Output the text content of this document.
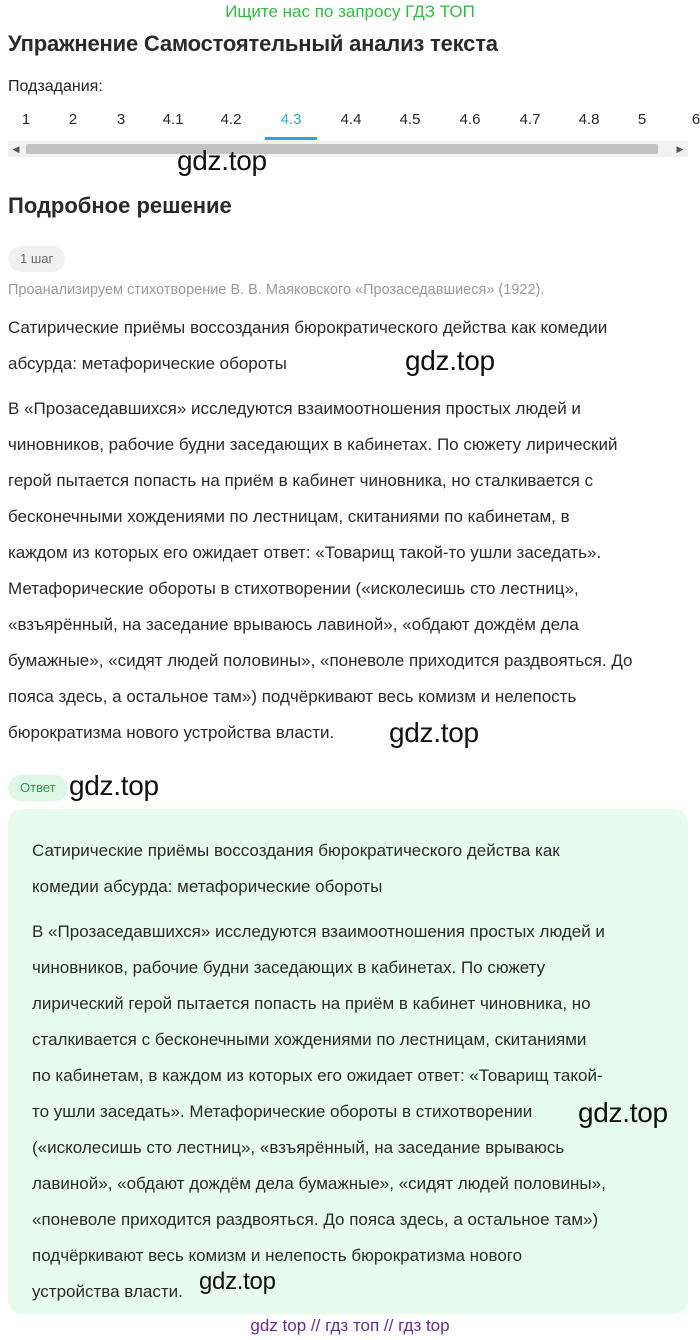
Ищите нас по запросу ГДЗ ТОП
Упражнение Самостоятельный анализ текста
Подзадания:
1	2	3	4.1	4.2	4.3	4.4	4.5	4.6	4.7	4.8	5	6
◀	▶
gdz.top
Подробное решение
1 шаг
Проанализируем стихотворение В. В. Маяковского «Прозаседавшиеся» (1922).
Сатирические приёмы воссоздания бюрократического действа как комедии
абсурда: метафорические обороты	gdz.top
В «Прозаседавшихся» исследуются взаимоотношения простых людей и
чиновников, рабочие будни заседающих в кабинетах. По сюжету лирический
герой пытается попасть на приём в кабинет чиновника, но сталкивается с
бесконечными хождениями по лестницам, скитаниями по кабинетам, в
каждом из которых его ожидает ответ: «Товарищ такой-то ушли заседать».
Метафорические обороты в стихотворении («исколесишь сто лестниц»,
«взъярённый, на заседание врываюсь лавиной», «обдают дождём дела
бумажные», «сидят людей половины», «поневоле приходится раздвояться. До
пояса здесь, а остальное там») подчёркивают весь комизм и нелепость
бюрократизма нового устройства власти.	gdz.top
Ответ gdz.top
Сатирические приёмы воссоздания бюрократического действа как
комедии абсурда: метафорические обороты
В «Прозаседавшихся» исследуются взаимоотношения простых людей и
чиновников, рабочие будни заседающих в кабинетах. По сюжету
лирический герой пытается попасть на приём в кабинет чиновника, но
сталкивается с бесконечными хождениями по лестницам, скитаниями
по кабинетам, в каждом из которых его ожидает ответ: «Товарищ такой-
то ушли заседать». Метафорические обороты в стихотворении
(«исколесишь сто лестниц», «взъярённый, на заседание врываюсь
лавиной», «обдают дождём дела бумажные», «сидят людей половины»,
«поневоле приходится раздвояться. До пояса здесь, а остальное там»)
подчёркивают весь комизм и нелепость бюрократизма нового
устройства власти.
gdz.top
gdz.top
gdz top // гдз топ // гдз top
